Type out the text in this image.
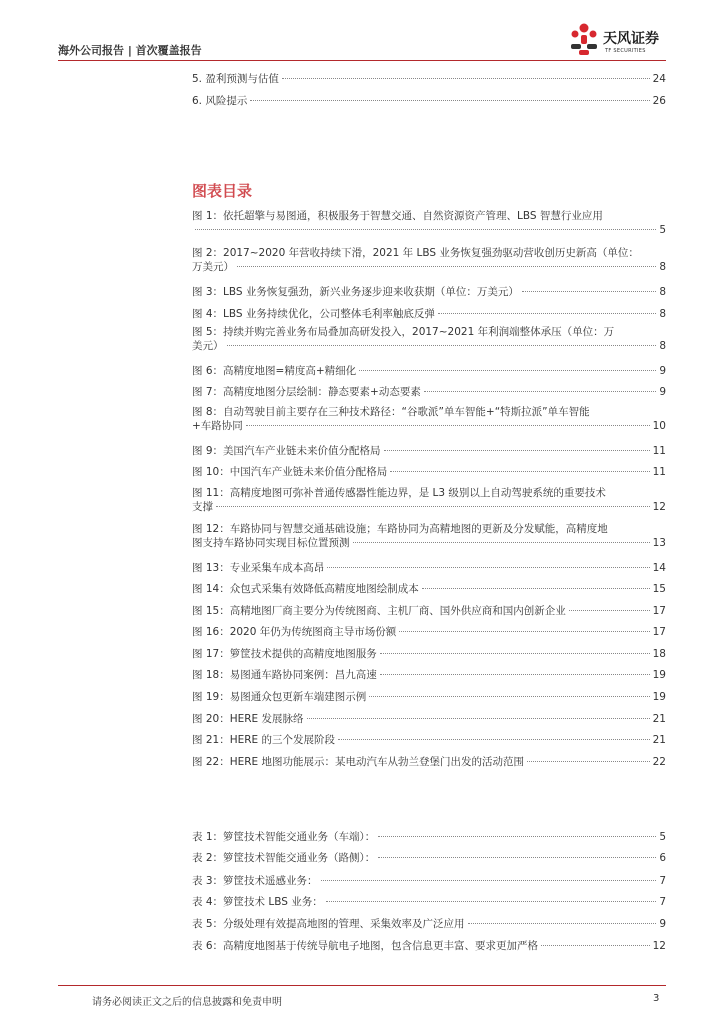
海外公司报告 | 首次覆盖报告
天风证券
TF SECURITIES
5. 盈利预测与估值	24
6. 风险提示	26
图表目录
图 1：依托超擎与易图通，积极服务于智慧交通、自然资源资产管理、LBS 智慧行业应用
5
图 2：2017~2020 年营收持续下滑，2021 年 LBS 业务恢复强劲驱动营收创历史新高（单位：
万美元）	8
图 3：LBS 业务恢复强劲，新兴业务逐步迎来收获期（单位：万美元）	8
图 4：LBS 业务持续优化，公司整体毛利率触底反弹	8
图 5：持续并购完善业务布局叠加高研发投入，2017~2021 年利润端整体承压（单位：万
美元）	8
图 6：高精度地图=精度高+精细化	9
图 7：高精度地图分层绘制：静态要素+动态要素	9
图 8：自动驾驶目前主要存在三种技术路径：“谷歌派”单车智能+“特斯拉派”单车智能
+车路协同	10
图 9：美国汽车产业链未来价值分配格局	11
图 10：中国汽车产业链未来价值分配格局	11
图 11：高精度地图可弥补普通传感器性能边界，是 L3 级别以上自动驾驶系统的重要技术
支撑	12
图 12：车路协同与智慧交通基础设施；车路协同为高精地图的更新及分发赋能，高精度地
图支持车路协同实现目标位置预测	13
图 13：专业采集车成本高昂	14
图 14：众包式采集有效降低高精度地图绘制成本	15
图 15：高精地图厂商主要分为传统图商、主机厂商、国外供应商和国内创新企业	17
图 16：2020 年仍为传统图商主导市场份额	17
图 17：箩筐技术提供的高精度地图服务	18
图 18：易图通车路协同案例：昌九高速	19
图 19：易图通众包更新车端建图示例	19
图 20：HERE 发展脉络	21
图 21：HERE 的三个发展阶段	21
图 22：HERE 地图功能展示：某电动汽车从勃兰登堡门出发的活动范围	22
表 1：箩筐技术智能交通业务（车端）：	5
表 2：箩筐技术智能交通业务（路侧）：	6
表 3：箩筐技术遥感业务：	7
表 4：箩筐技术 LBS 业务：	7
表 5：分级处理有效提高地图的管理、采集效率及广泛应用	9
表 6：高精度地图基于传统导航电子地图，包含信息更丰富、要求更加严格	12
请务必阅读正文之后的信息披露和免责申明	3
